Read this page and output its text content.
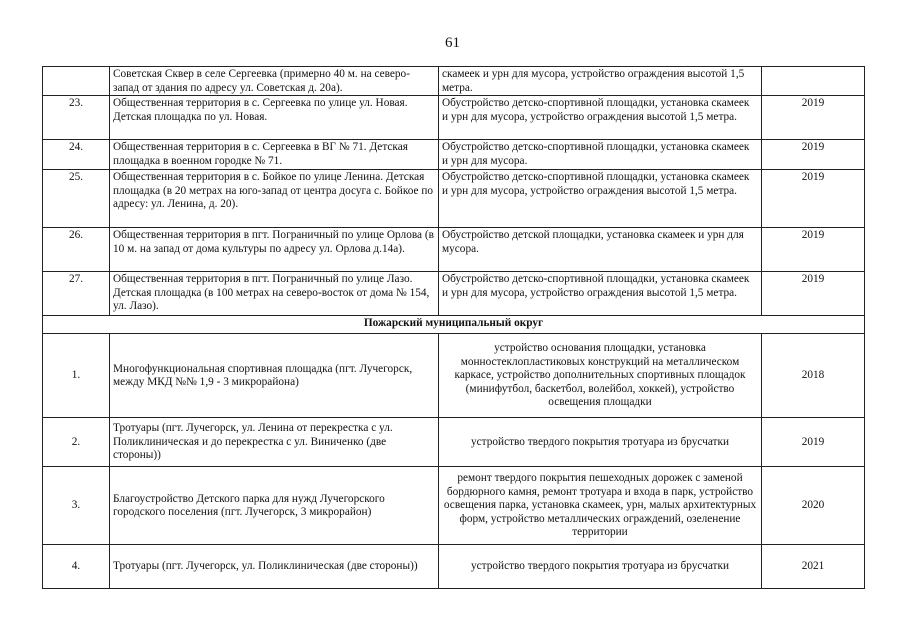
61
	Советская Сквер в селе Сергеевка (примерно 40 м. на северо-запад от здания по адресу ул. Советская д. 20а).	скамеек и урн для мусора, устройство ограждения высотой 1,5 метра.	
23.	Общественная территория в с. Сергеевка по улице ул. Новая. Детская площадка по ул. Новая.	Обустройство детско-спортивной площадки, установка скамеек и урн для мусора, устройство ограждения высотой 1,5 метра.	2019
24.	Общественная территория в с. Сергеевка в ВГ № 71. Детская площадка в военном городке № 71.	Обустройство детско-спортивной площадки, установка скамеек и урн для мусора.	2019
25.	Общественная территория в с. Бойкое по улице Ленина. Детская площадка (в 20 метрах на юго-запад от центра досуга с. Бойкое по адресу: ул. Ленина, д. 20).	Обустройство детско-спортивной площадки, установка скамеек и урн для мусора, устройство ограждения высотой 1,5 метра.	2019
26.	Общественная территория в пгт. Пограничный по улице Орлова (в 10 м. на запад от дома культуры по адресу ул. Орлова д.14а).	Обустройство детской площадки, установка скамеек и урн для мусора.	2019
27.	Общественная территория в пгт. Пограничный по улице Лазо. Детская площадка (в 100 метрах на северо-восток от дома № 154, ул. Лазо).	Обустройство детско-спортивной площадки, установка скамеек и урн для мусора, устройство ограждения высотой 1,5 метра.	2019
Пожарский муниципальный округ			
1.	Многофункциональная спортивная площадка (пгт. Лучегорск, между МКД №№ 1,9 - 3 микрорайона)	устройство основания площадки, установка монностеклопластиковых конструкций на металлическом каркасе, устройство дополнительных спортивных площадок (минифутбол, баскетбол, волейбол, хоккей), устройство освещения площадки	2018
2.	Тротуары (пгт. Лучегорск, ул. Ленина от перекрестка с ул. Поликлиническая и до перекрестка с ул. Виниченко (две стороны))	устройство твердого покрытия тротуара из брусчатки	2019
3.	Благоустройство Детского парка для нужд Лучегорского городского поселения (пгт. Лучегорск, 3 микрорайон)	ремонт твердого покрытия пешеходных дорожек с заменой бордюрного камня, ремонт тротуара и входа в парк, устройство освещения парка, установка скамеек, урн, малых архитектурных форм, устройство металлических ограждений, озеленение территории	2020
4.	Тротуары (пгт. Лучегорск, ул. Поликлиническая (две стороны))	устройство твердого покрытия тротуара из брусчатки	2021
